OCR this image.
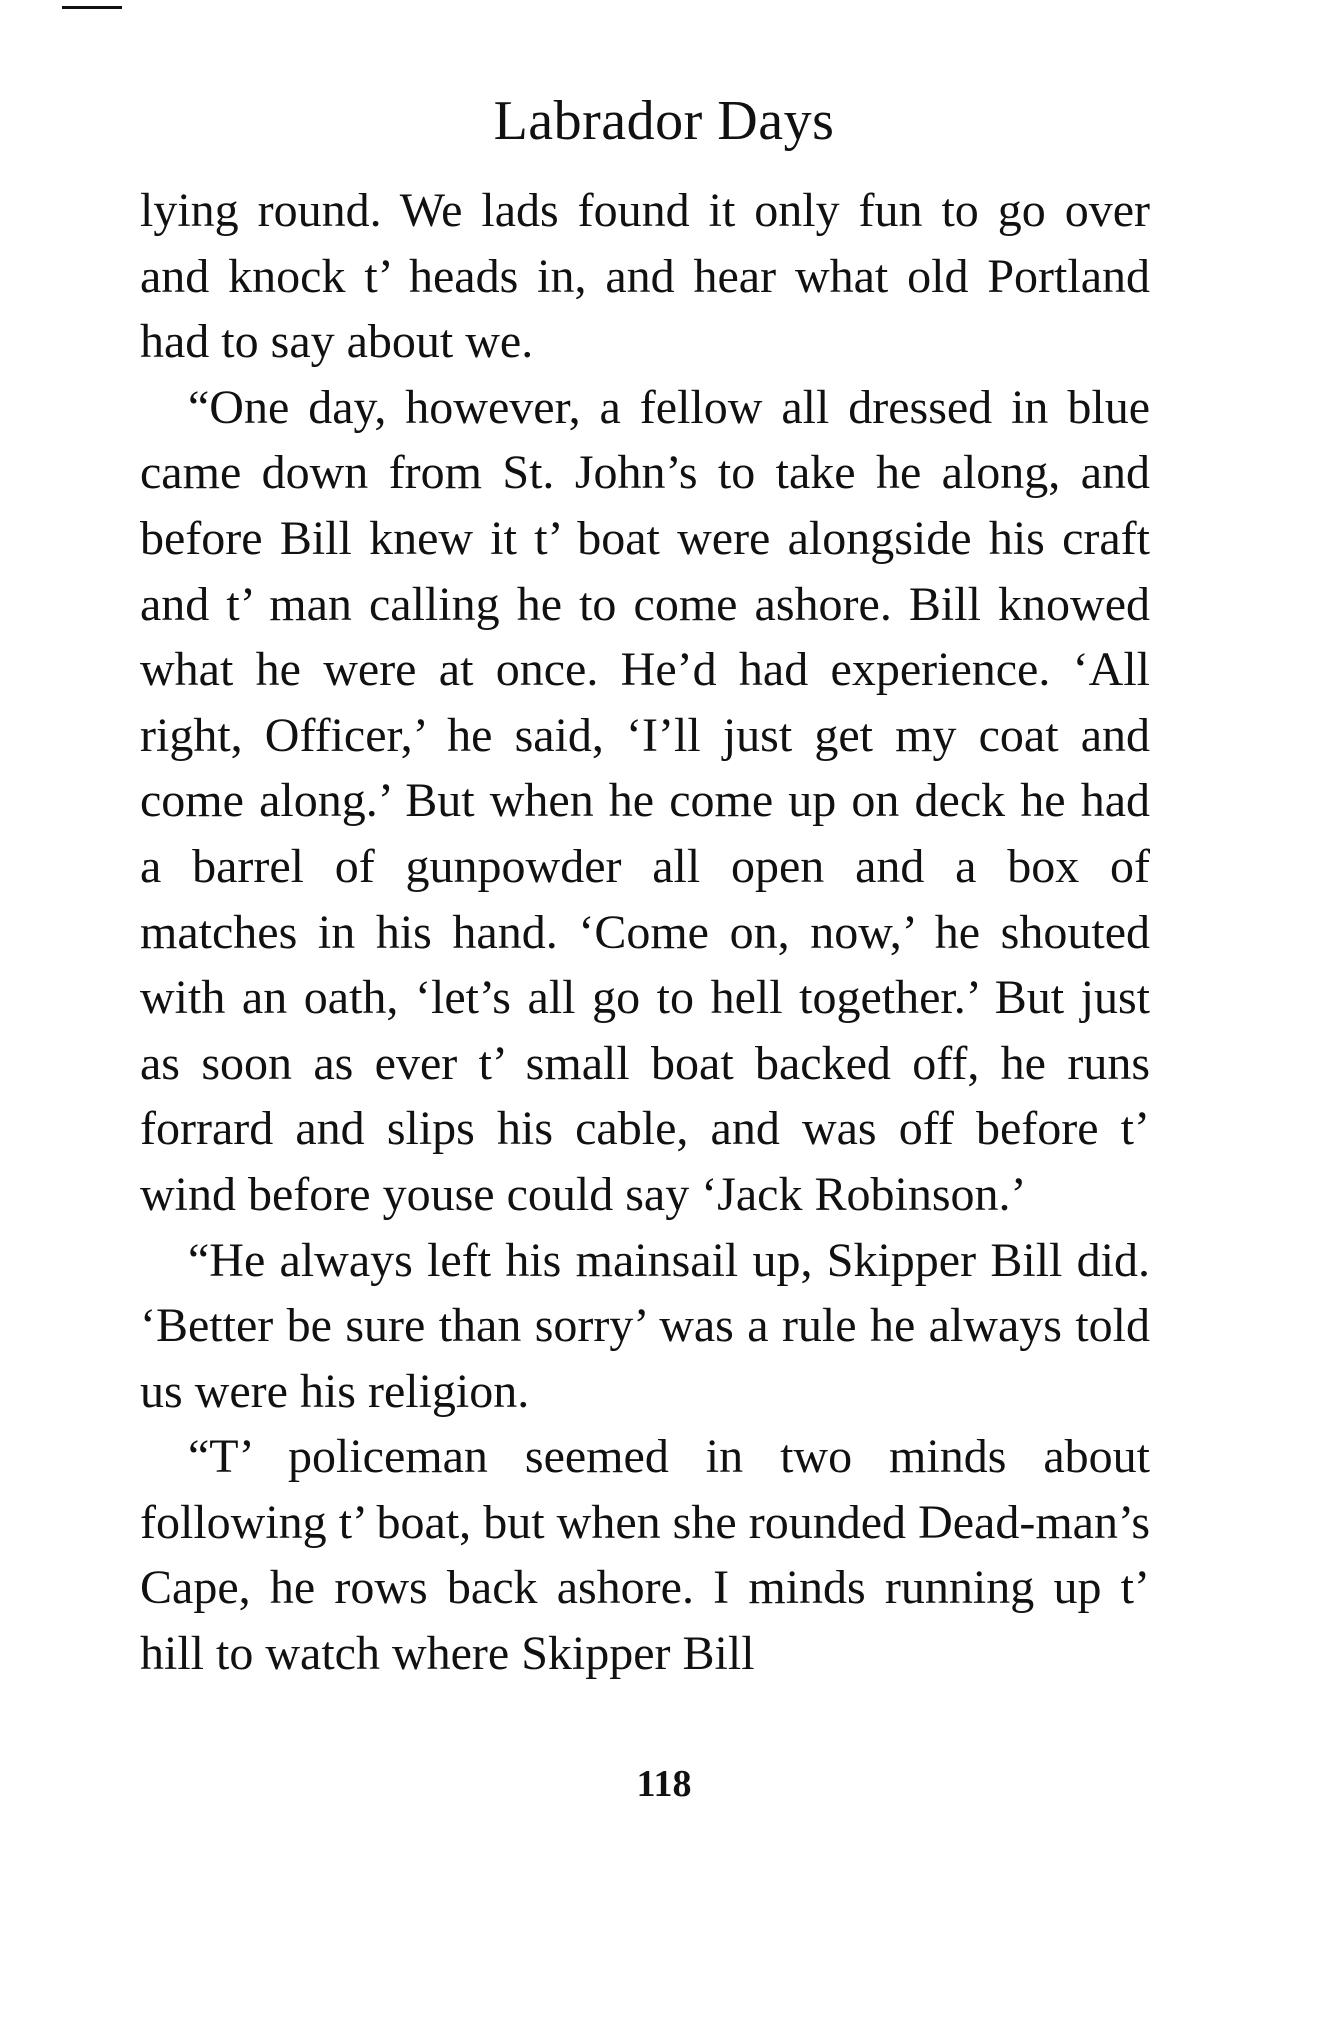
Labrador Days

lying round. We lads found it only fun to go over and knock t’ heads in, and hear what old Portland had to say about we.

“One day, however, a fellow all dressed in blue came down from St. John’s to take he along, and before Bill knew it t’ boat were alongside his craft and t’ man calling he to come ashore. Bill knowed what he were at once. He’d had experience. ‘All right, Officer,’ he said, ‘I’ll just get my coat and come along.’ But when he come up on deck he had a barrel of gunpowder all open and a box of matches in his hand. ‘Come on, now,’ he shouted with an oath, ‘let’s all go to hell together.’ But just as soon as ever t’ small boat backed off, he runs forrard and slips his cable, and was off before t’ wind before youse could say ‘Jack Robinson.’

“He always left his mainsail up, Skipper Bill did. ‘Better be sure than sorry’ was a rule he always told us were his religion.

“T’ policeman seemed in two minds about following t’ boat, but when she rounded Dead-man’s Cape, he rows back ashore. I minds running up t’ hill to watch where Skipper Bill

118
